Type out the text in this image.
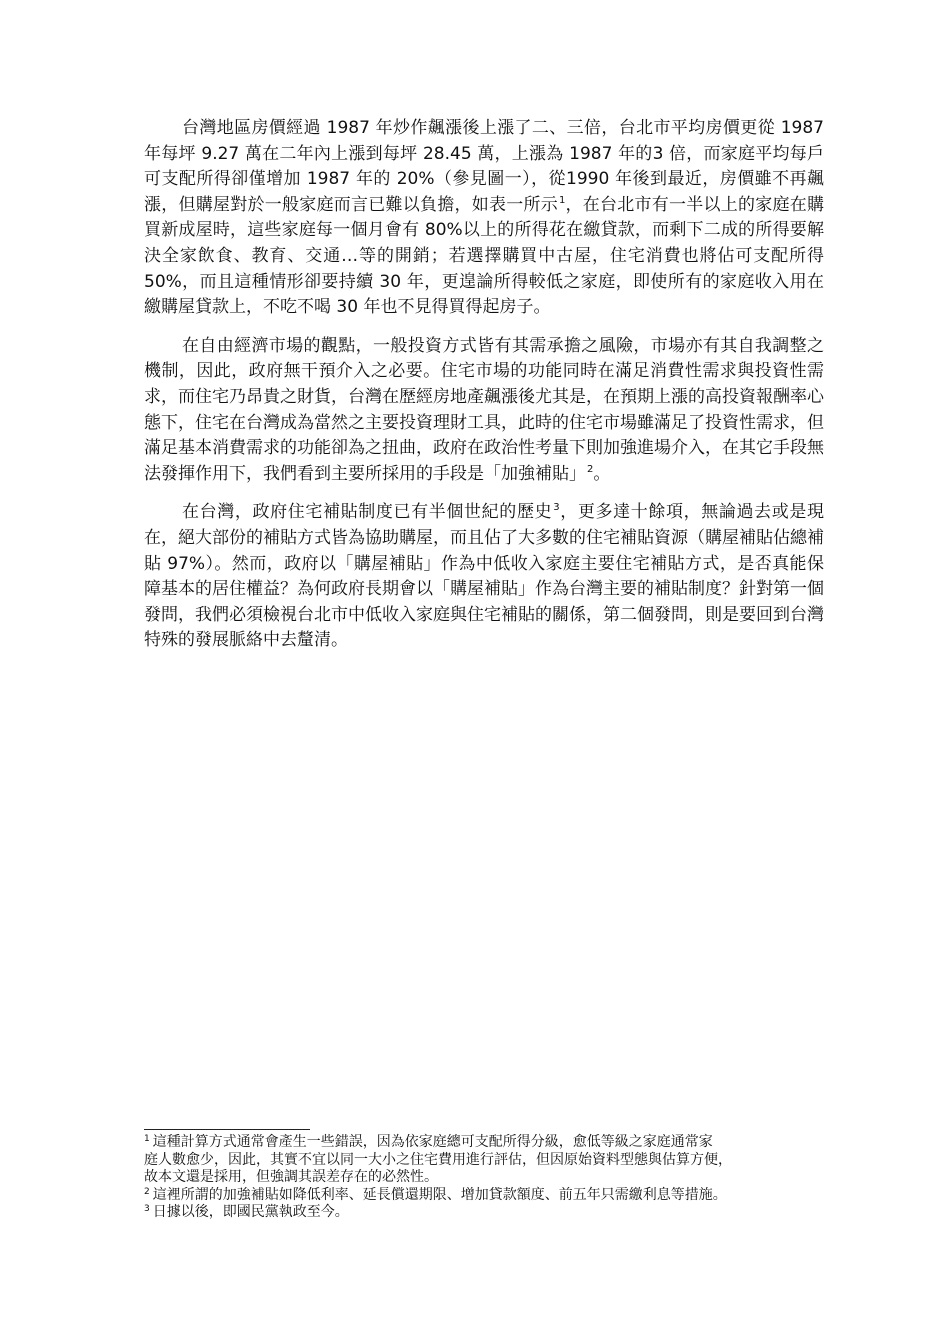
台灣地區房價經過 1987 年炒作飆漲後上漲了二、三倍，台北市平均房價更從 1987 年每坪 9.27 萬在二年內上漲到每坪 28.45 萬，上漲為 1987 年的3 倍，而家庭平均每戶可支配所得卻僅增加 1987 年的 20%（參見圖一），從1990 年後到最近，房價雖不再飆漲，但購屋對於一般家庭而言已難以負擔，如表一所示$^1$，在台北市有一半以上的家庭在購買新成屋時，這些家庭每一個月會有 80%以上的所得花在繳貸款，而剩下二成的所得要解決全家飲食、教育、交通…等的開銷；若選擇購買中古屋，住宅消費也將佔可支配所得 50%，而且這種情形卻要持續 30 年，更遑論所得較低之家庭，即使所有的家庭收入用在繳購屋貸款上，不吃不喝 30 年也不見得買得起房子。

在自由經濟市場的觀點，一般投資方式皆有其需承擔之風險，市場亦有其自我調整之機制，因此，政府無干預介入之必要。住宅市場的功能同時在滿足消費性需求與投資性需求，而住宅乃昂貴之財貨，台灣在歷經房地產飆漲後尤其是，在預期上漲的高投資報酬率心態下，住宅在台灣成為當然之主要投資理財工具，此時的住宅市場雖滿足了投資性需求，但滿足基本消費需求的功能卻為之扭曲，政府在政治性考量下則加強進場介入，在其它手段無法發揮作用下，我們看到主要所採用的手段是「加強補貼」$^2$。

在台灣，政府住宅補貼制度已有半個世紀的歷史$^3$，更多達十餘項，無論過去或是現在，絕大部份的補貼方式皆為協助購屋，而且佔了大多數的住宅補貼資源（購屋補貼佔總補貼 97%）。然而，政府以「購屋補貼」作為中低收入家庭主要住宅補貼方式，是否真能保障基本的居住權益？為何政府長期會以「購屋補貼」作為台灣主要的補貼制度？針對第一個發問，我們必須檢視台北市中低收入家庭與住宅補貼的關係，第二個發問，則是要回到台灣特殊的發展脈絡中去釐清。

$^1$ 這種計算方式通常會產生一些錯誤，因為依家庭總可支配所得分級，愈低等級之家庭通常家
庭人數愈少，因此，其實不宜以同一大小之住宅費用進行評估，但因原始資料型態與估算方便，
故本文還是採用，但強調其誤差存在的必然性。

$^2$ 這裡所謂的加強補貼如降低利率、延長償還期限、增加貸款額度、前五年只需繳利息等措施。

$^3$ 日據以後，即國民黨執政至今。
